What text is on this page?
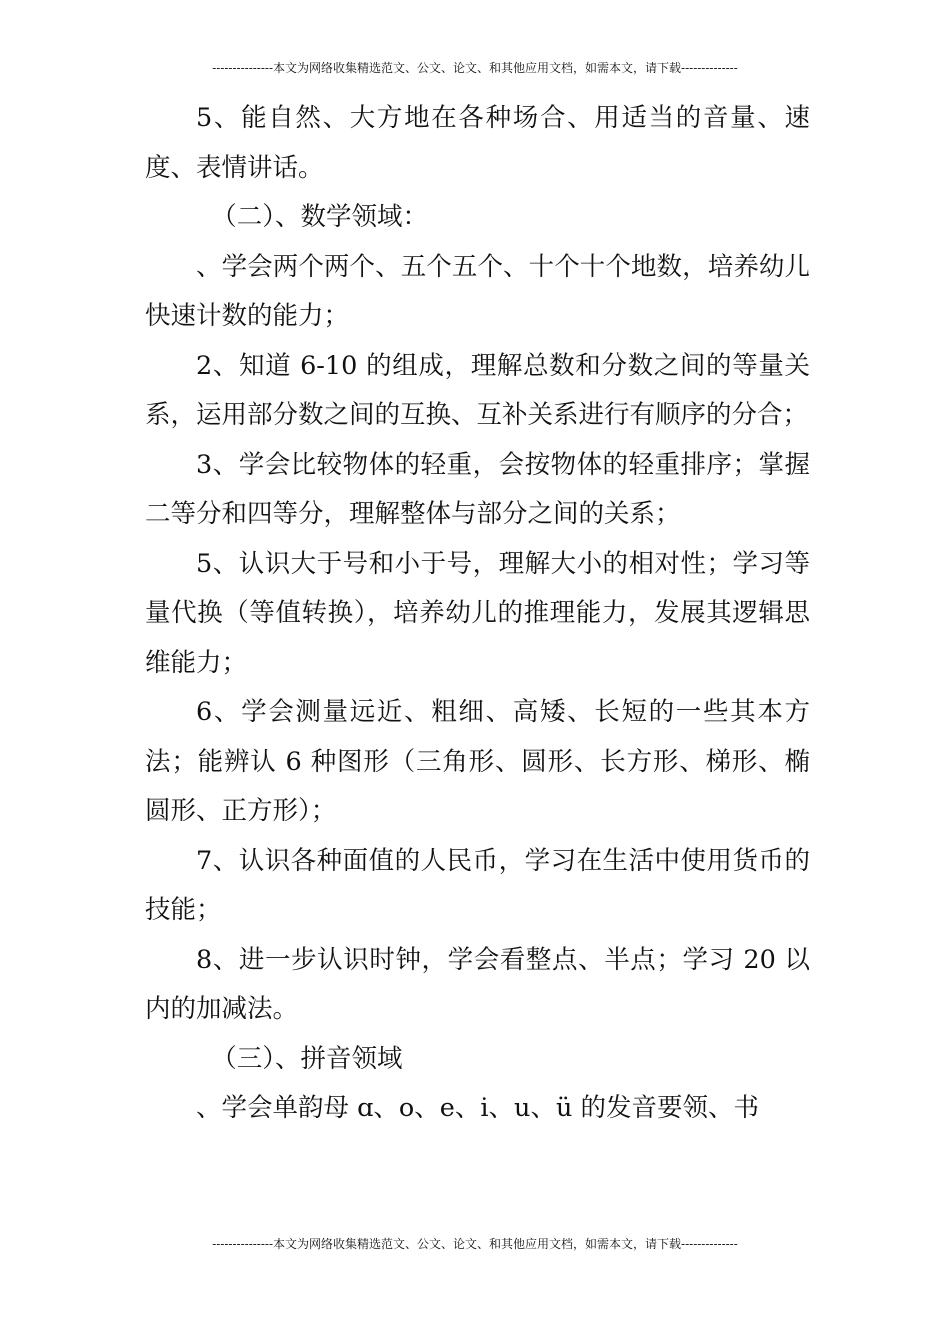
---------------本文为网络收集精选范文、公文、论文、和其他应用文档，如需本文，请下载--------------

5、能自然、大方地在各种场合、用适当的音量、速度、表情讲话。

（二）、数学领域：

、学会两个两个、五个五个、十个十个地数，培养幼儿快速计数的能力；

2、知道 6-10 的组成，理解总数和分数之间的等量关系，运用部分数之间的互换、互补关系进行有顺序的分合；

3、学会比较物体的轻重，会按物体的轻重排序；掌握二等分和四等分，理解整体与部分之间的关系；

5、认识大于号和小于号，理解大小的相对性；学习等量代换（等值转换），培养幼儿的推理能力，发展其逻辑思维能力；

6、学会测量远近、粗细、高矮、长短的一些其本方法；能辨认 6 种图形（三角形、圆形、长方形、梯形、椭圆形、正方形）；

7、认识各种面值的人民币，学习在生活中使用货币的技能；

8、进一步认识时钟，学会看整点、半点；学习 20 以内的加减法。

（三）、拼音领域

、学会单韵母 ɑ、o、e、i、u、ü 的发音要领、书

---------------本文为网络收集精选范文、公文、论文、和其他应用文档，如需本文，请下载--------------
